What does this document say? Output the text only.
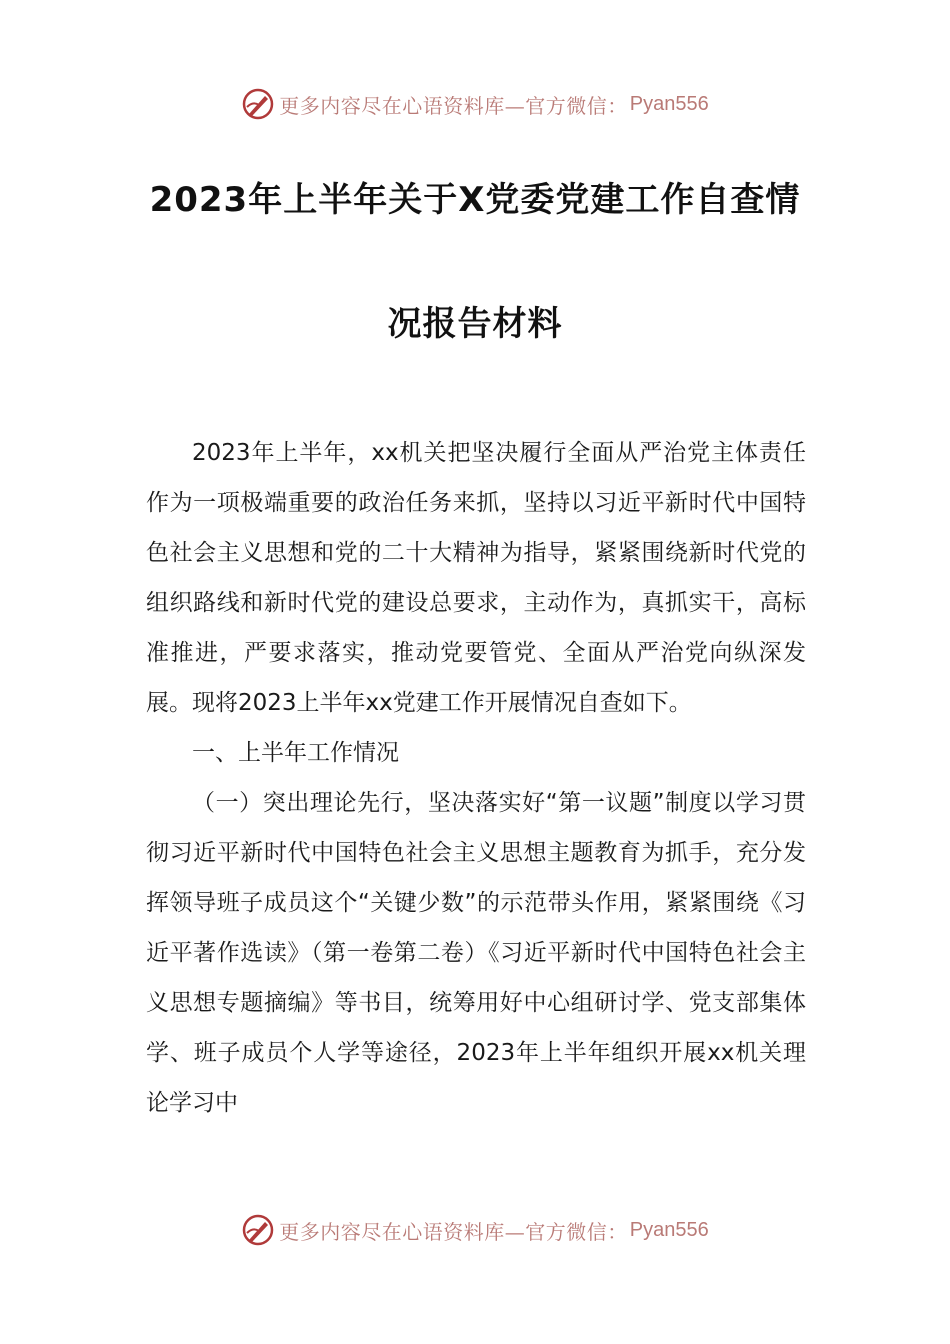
更多内容尽在心语资料库—官方微信： Pyan556
2023年上半年关于X党委党建工作自查情
况报告材料

2023年上半年，xx机关把坚决履行全面从严治党主体责任作为一项极端重要的政治任务来抓，坚持以习近平新时代中国特色社会主义思想和党的二十大精神为指导，紧紧围绕新时代党的组织路线和新时代党的建设总要求，主动作为，真抓实干，高标准推进，严要求落实，推动党要管党、全面从严治党向纵深发展。现将2023上半年xx党建工作开展情况自查如下。

一、上半年工作情况

（一）突出理论先行，坚决落实好“第一议题”制度以学习贯彻习近平新时代中国特色社会主义思想主题教育为抓手，充分发挥领导班子成员这个“关键少数”的示范带头作用，紧紧围绕《习近平著作选读》（第一卷第二卷）《习近平新时代中国特色社会主义思想专题摘编》等书目，统筹用好中心组研讨学、党支部集体学、班子成员个人学等途径，2023年上半年组织开展xx机关理论学习中

更多内容尽在心语资料库—官方微信： Pyan556
